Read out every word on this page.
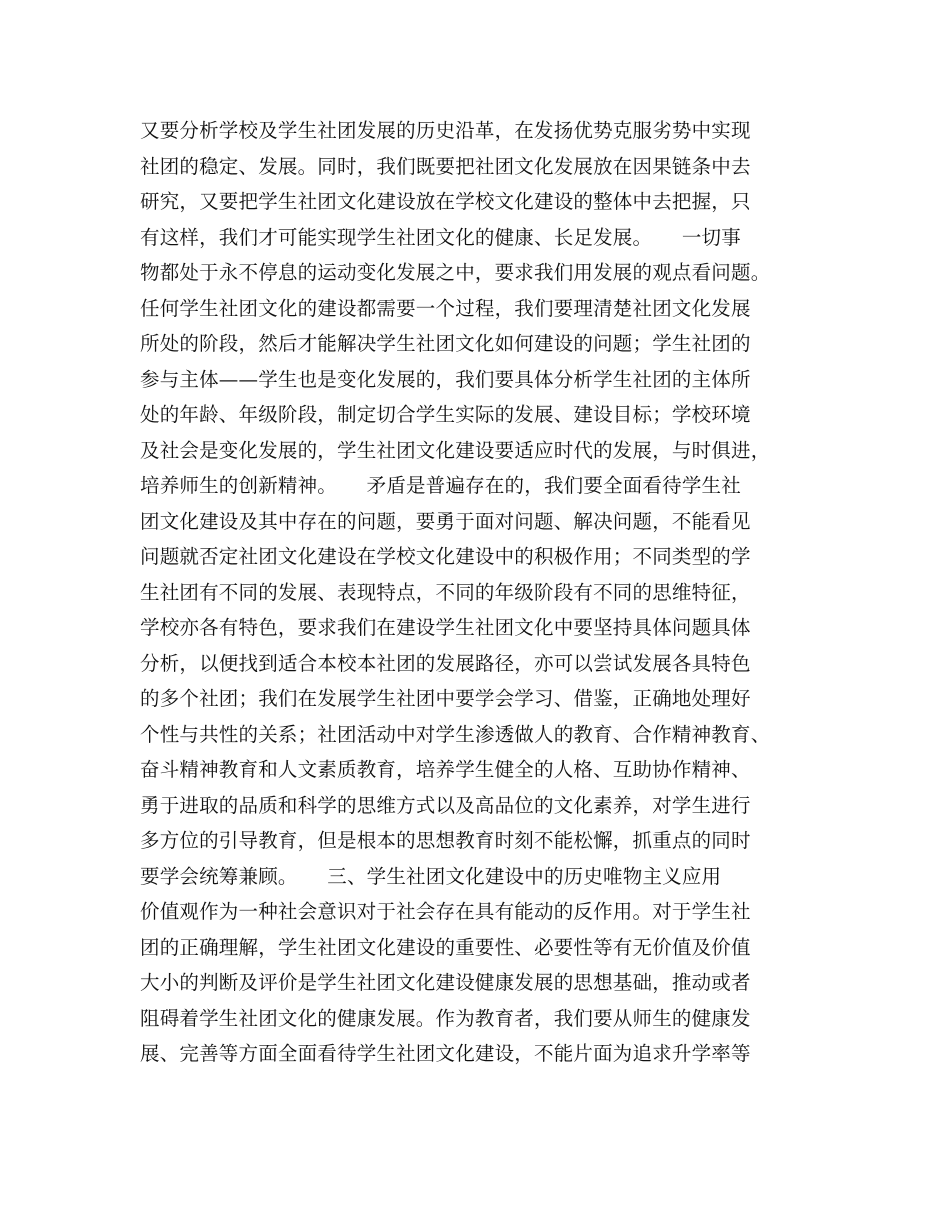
又要分析学校及学生社团发展的历史沿革，在发扬优势克服劣势中实现
社团的稳定、发展。同时，我们既要把社团文化发展放在因果链条中去
研究，又要把学生社团文化建设放在学校文化建设的整体中去把握，只
有这样，我们才可能实现学生社团文化的健康、长足发展。　　一切事
物都处于永不停息的运动变化发展之中，要求我们用发展的观点看问题。
任何学生社团文化的建设都需要一个过程，我们要理清楚社团文化发展
所处的阶段，然后才能解决学生社团文化如何建设的问题；学生社团的
参与主体——学生也是变化发展的，我们要具体分析学生社团的主体所
处的年龄、年级阶段，制定切合学生实际的发展、建设目标；学校环境
及社会是变化发展的，学生社团文化建设要适应时代的发展，与时俱进，
培养师生的创新精神。　　矛盾是普遍存在的，我们要全面看待学生社
团文化建设及其中存在的问题，要勇于面对问题、解决问题，不能看见
问题就否定社团文化建设在学校文化建设中的积极作用；不同类型的学
生社团有不同的发展、表现特点，不同的年级阶段有不同的思维特征，
学校亦各有特色，要求我们在建设学生社团文化中要坚持具体问题具体
分析，以便找到适合本校本社团的发展路径，亦可以尝试发展各具特色
的多个社团；我们在发展学生社团中要学会学习、借鉴，正确地处理好
个性与共性的关系；社团活动中对学生渗透做人的教育、合作精神教育、
奋斗精神教育和人文素质教育，培养学生健全的人格、互助协作精神、
勇于进取的品质和科学的思维方式以及高品位的文化素养，对学生进行
多方位的引导教育，但是根本的思想教育时刻不能松懈，抓重点的同时
要学会统筹兼顾。　　三、学生社团文化建设中的历史唯物主义应用
价值观作为一种社会意识对于社会存在具有能动的反作用。对于学生社
团的正确理解，学生社团文化建设的重要性、必要性等有无价值及价值
大小的判断及评价是学生社团文化建设健康发展的思想基础，推动或者
阻碍着学生社团文化的健康发展。作为教育者，我们要从师生的健康发
展、完善等方面全面看待学生社团文化建设，不能片面为追求升学率等
